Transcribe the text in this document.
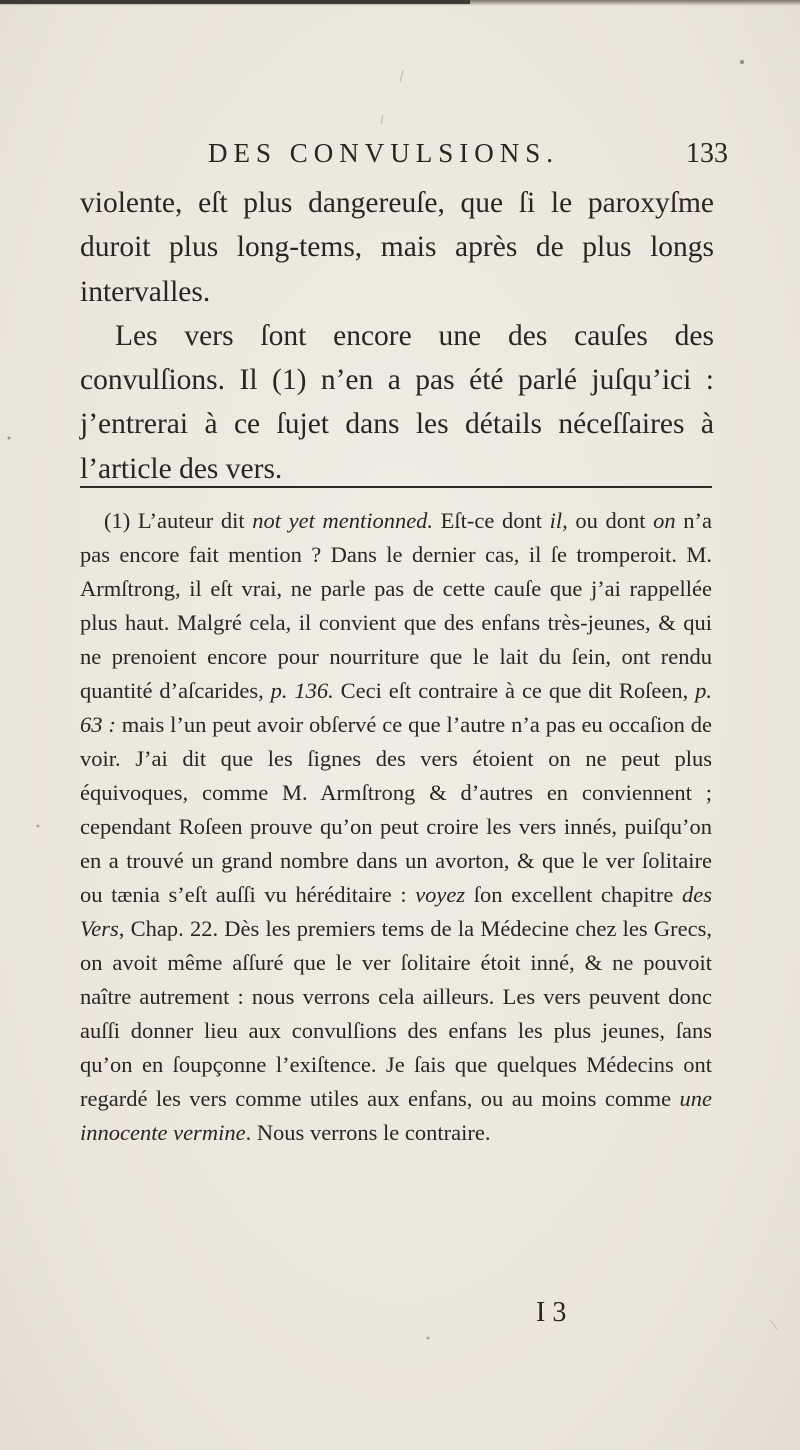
DES CONVULSIONS.	133

violente, eſt plus dangereuſe, que ſi le paroxyſme duroit plus long-tems, mais après de plus longs intervalles.

Les vers ſont encore une des cauſes des convulſions. Il (1) n’en a pas été parlé juſqu’ici : j’entrerai à ce ſujet dans les détails néceſſaires à l’article des vers.

(1) L’auteur dit not yet mentionned. Eſt-ce dont il, ou dont on n’a pas encore fait mention ? Dans le dernier cas, il ſe tromperoit. M. Armſtrong, il eſt vrai, ne parle pas de cette cauſe que j’ai rappellée plus haut. Malgré cela, il convient que des enfans très-jeunes, & qui ne prenoient encore pour nourriture que le lait du ſein, ont rendu quantité d’aſcarides, p. 136. Ceci eſt contraire à ce que dit Roſeen, p. 63 : mais l’un peut avoir obſervé ce que l’autre n’a pas eu occaſion de voir. J’ai dit que les ſignes des vers étoient on ne peut plus équivoques, comme M. Armſtrong & d’autres en conviennent ; cependant Roſeen prouve qu’on peut croire les vers innés, puiſqu’on en a trouvé un grand nombre dans un avorton, & que le ver ſolitaire ou tænia s’eſt auſſi vu héréditaire : voyez ſon excellent chapitre des Vers, Chap. 22. Dès les premiers tems de la Médecine chez les Grecs, on avoit même aſſuré que le ver ſolitaire étoit inné, & ne pouvoit naître autrement : nous verrons cela ailleurs. Les vers peuvent donc auſſi donner lieu aux convulſions des enfans les plus jeunes, ſans qu’on en ſoupçonne l’exiſtence. Je ſais que quelques Médecins ont regardé les vers comme utiles aux enfans, ou au moins comme une innocente vermine. Nous verrons le contraire.

I 3
